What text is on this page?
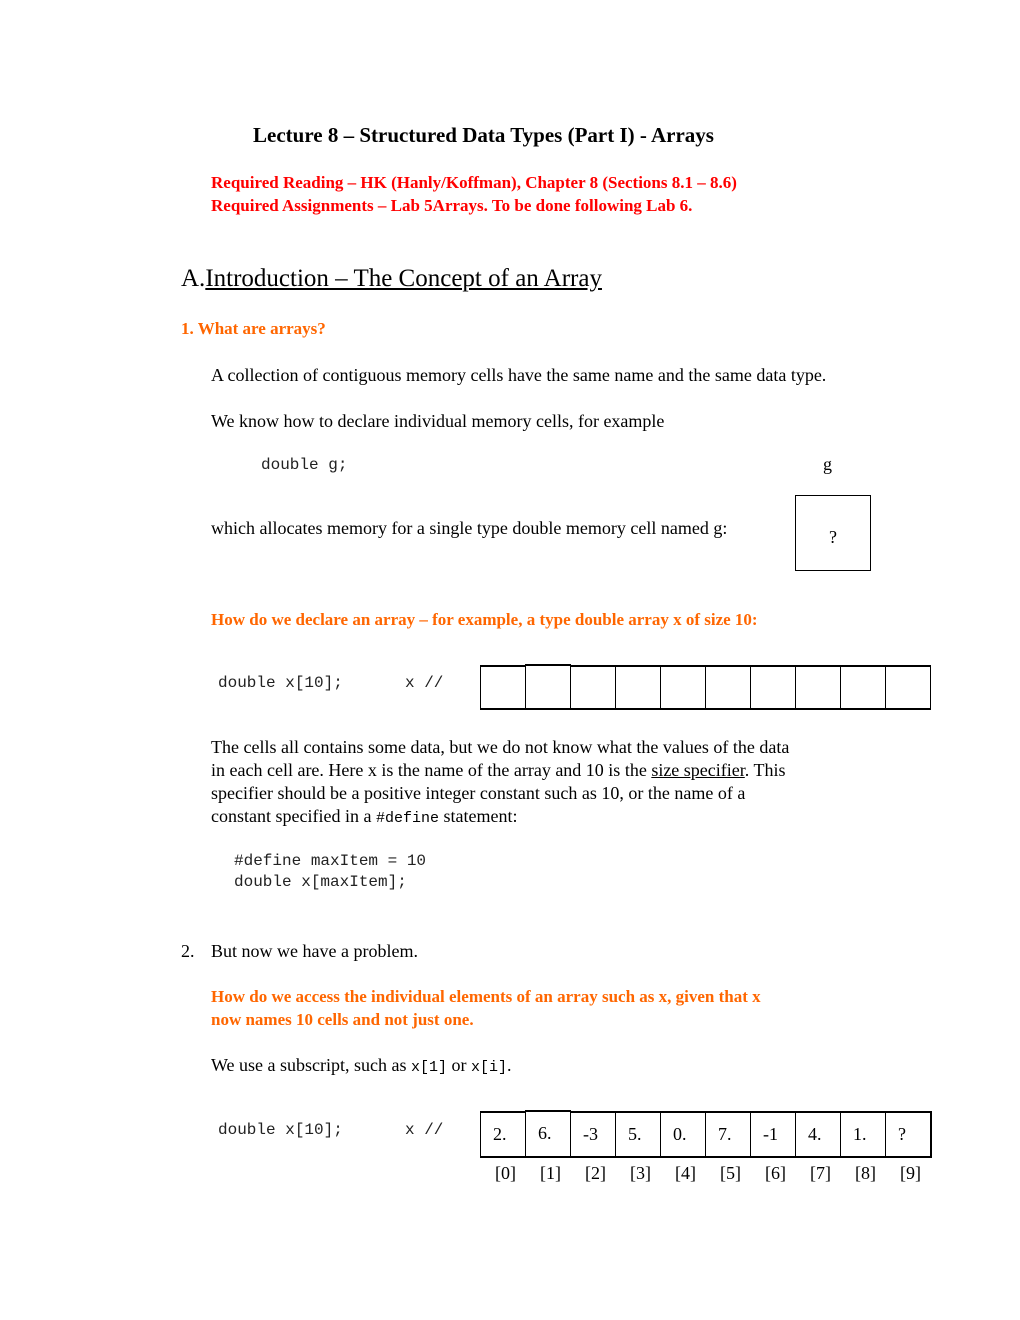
Lecture 8 – Structured Data Types (Part I) - Arrays
Required Reading – HK (Hanly/Koffman), Chapter 8 (Sections 8.1 – 8.6)
Required Assignments – Lab 5Arrays. To be done following Lab 6.
A.Introduction – The Concept of an Array
1. What are arrays?
A collection of contiguous memory cells have the same name and the same data type.
We know how to declare individual memory cells, for example
double g;	g
which allocates memory for a single type double memory cell named g:	?
How do we declare an array – for example, a type double array x of size 10:
double x[10];	x //
The cells all contains some data, but we do not know what the values of the data
in each cell are. Here x is the name of the array and 10 is the size specifier. This
specifier should be a positive integer constant such as 10, or the name of a
constant specified in a #define statement:
#define maxItem = 10
double x[maxItem];
2. But now we have a problem.
How do we access the individual elements of an array such as x, given that x
now names 10 cells and not just one.
We use a subscript, such as x[1] or x[i].
double x[10];	x //	2.	6.	-3	5.	0.	7.	-1	4.	1.	?
[0] [1] [2] [3] [4] [5] [6] [7] [8] [9]
